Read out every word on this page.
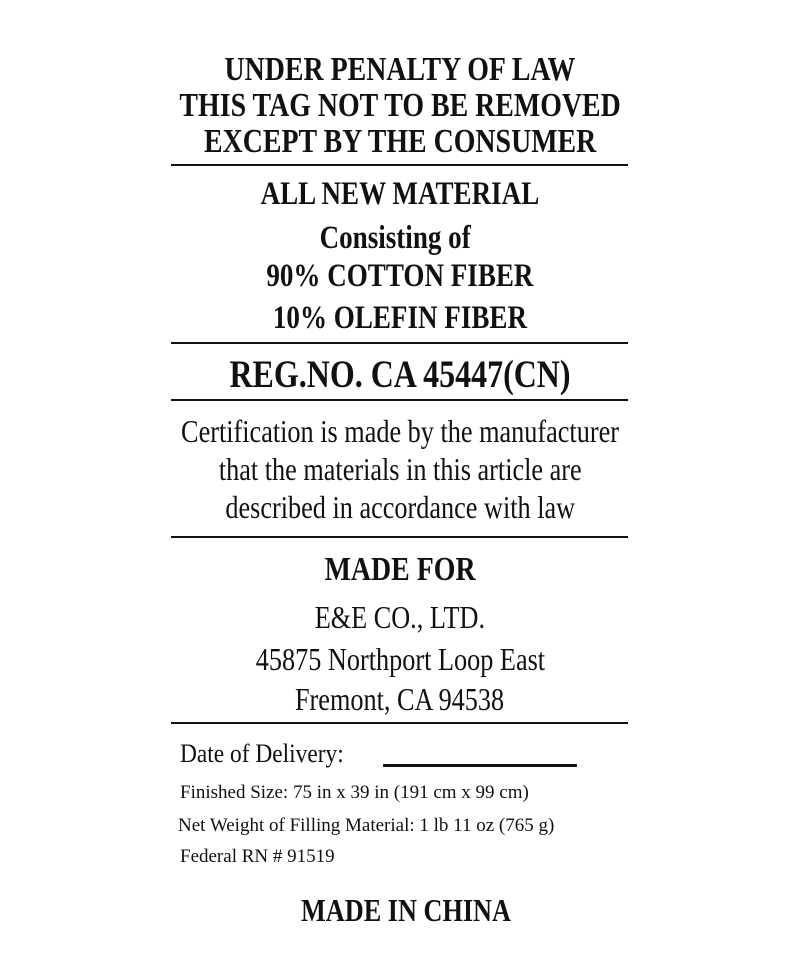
UNDER PENALTY OF LAW
THIS TAG NOT TO BE REMOVED
EXCEPT BY THE CONSUMER
ALL NEW MATERIAL
Consisting of
90% COTTON FIBER
10% OLEFIN FIBER
REG.NO. CA 45447(CN)
Certification is made by the manufacturer
that the materials in this article are
described in accordance with law
MADE FOR
E&E CO., LTD.
45875 Northport Loop East
Fremont, CA 94538
Date of Delivery:
Finished Size: 75 in x 39 in (191 cm x 99 cm)
Net Weight of Filling Material: 1 lb 11 oz (765 g)
Federal RN # 91519
MADE IN CHINA
